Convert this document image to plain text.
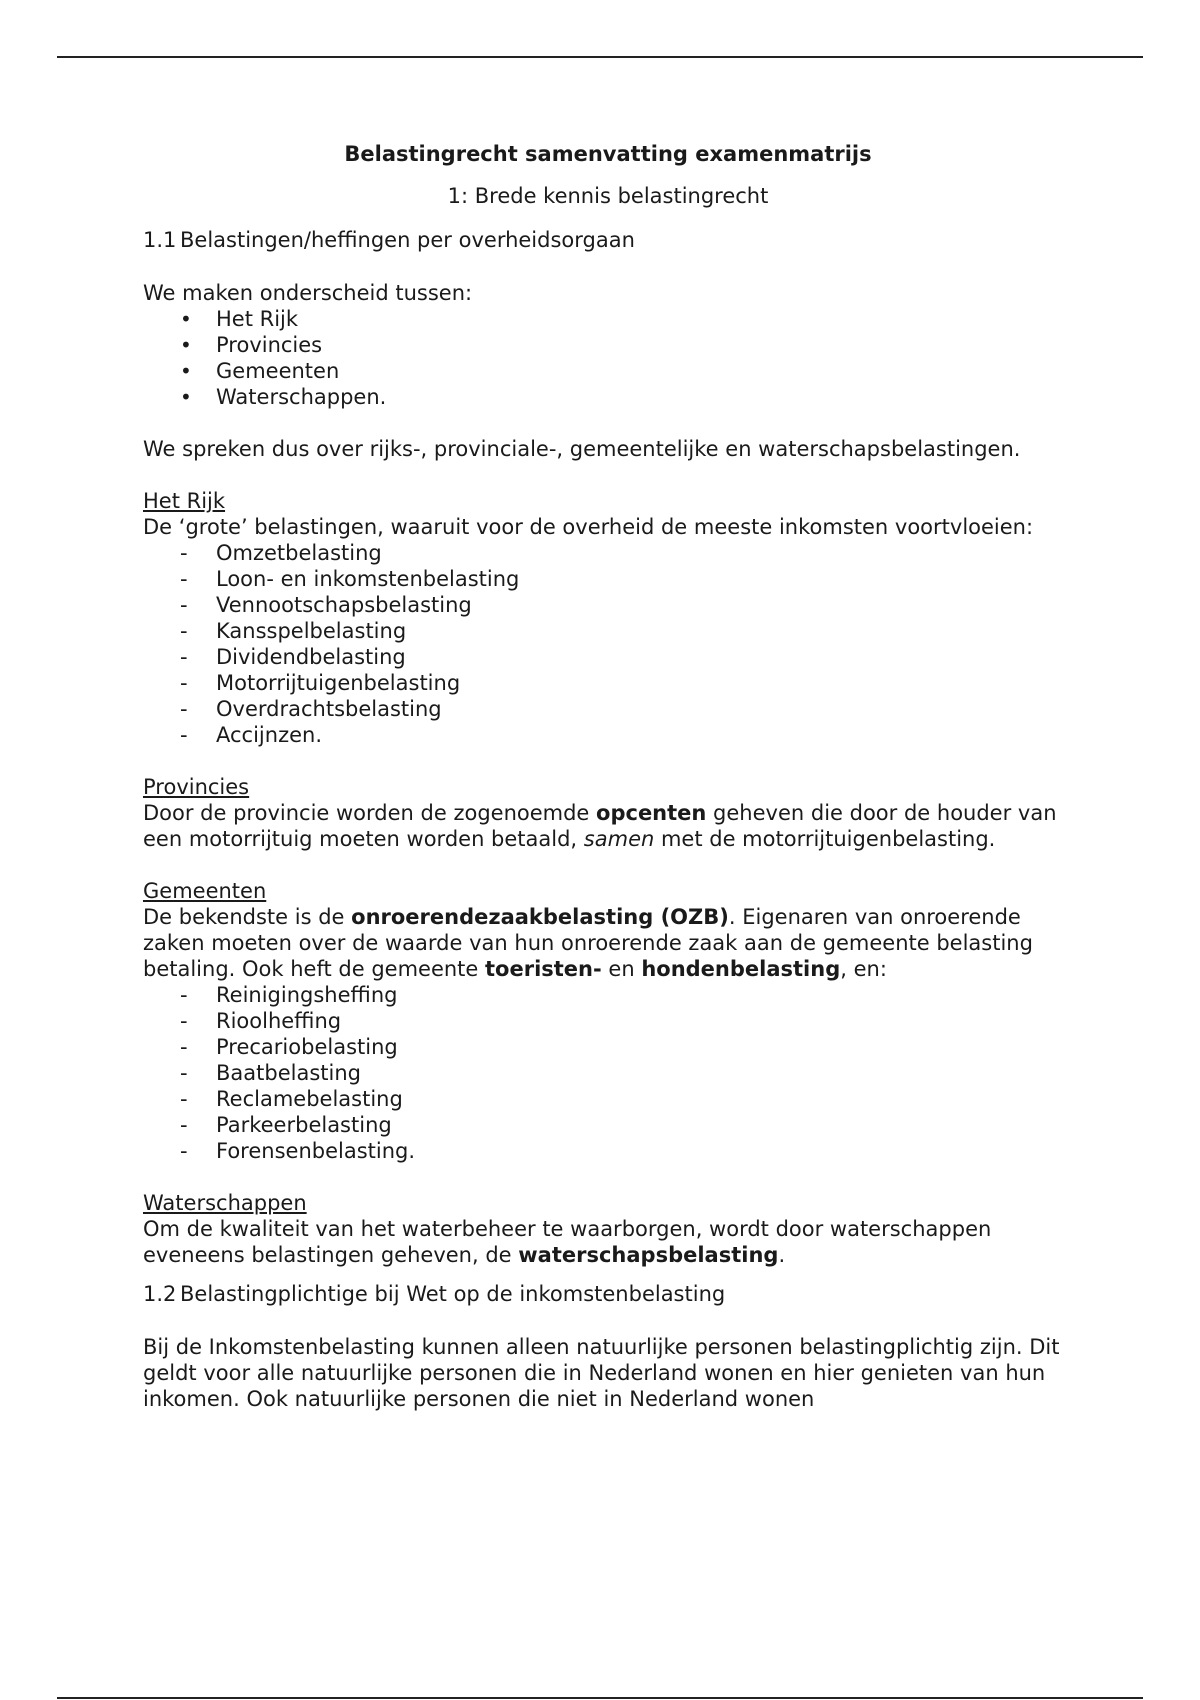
Belastingrecht samenvatting examenmatrijs
1: Brede kennis belastingrecht
1.1 Belastingen/heffingen per overheidsorgaan

We maken onderscheid tussen:

•	Het Rijk
•	Provincies
•	Gemeenten
•	Waterschappen.

We spreken dus over rijks-, provinciale-, gemeentelijke en waterschapsbelastingen.

Het Rijk

De ‘grote’ belastingen, waaruit voor de overheid de meeste inkomsten voortvloeien:

-	Omzetbelasting
-	Loon- en inkomstenbelasting
-	Vennootschapsbelasting
-	Kansspelbelasting
-	Dividendbelasting
-	Motorrijtuigenbelasting
-	Overdrachtsbelasting
-	Accijnzen.

Provincies

Door de provincie worden de zogenoemde opcenten geheven die door de houder van een motorrijtuig moeten worden betaald, samen met de motorrijtuigenbelasting.

Gemeenten

De bekendste is de onroerendezaakbelasting (OZB). Eigenaren van onroerende zaken moeten over de waarde van hun onroerende zaak aan de gemeente belasting betaling. Ook heft de gemeente toeristen- en hondenbelasting, en:

-	Reinigingsheffing
-	Rioolheffing
-	Precariobelasting
-	Baatbelasting
-	Reclamebelasting
-	Parkeerbelasting
-	Forensenbelasting.

Waterschappen

Om de kwaliteit van het waterbeheer te waarborgen, wordt door waterschappen eveneens belastingen geheven, de waterschapsbelasting.

1.2 Belastingplichtige bij Wet op de inkomstenbelasting

Bij de Inkomstenbelasting kunnen alleen natuurlijke personen belastingplichtig zijn. Dit geldt voor alle natuurlijke personen die in Nederland wonen en hier genieten van hun inkomen. Ook natuurlijke personen die niet in Nederland wonen
